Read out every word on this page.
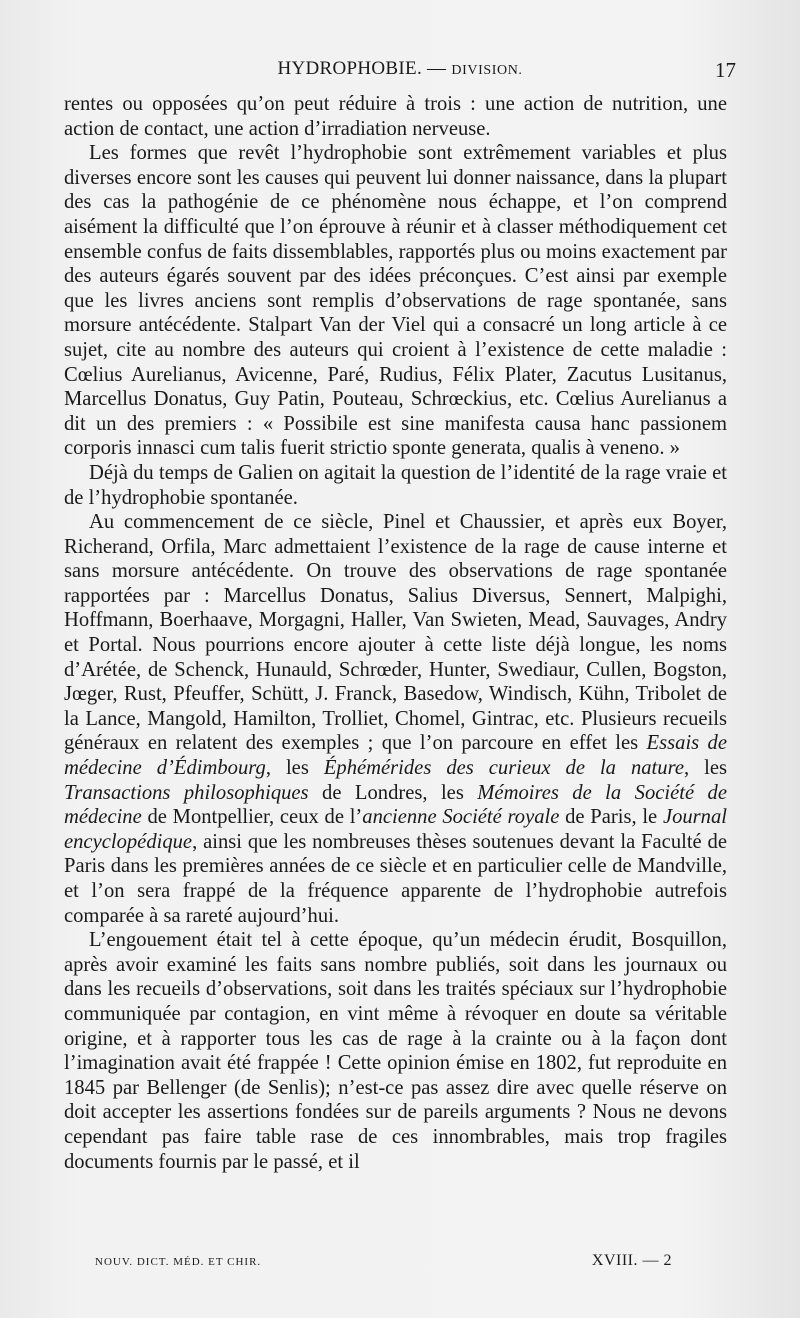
HYDROPHOBIE. — DIVISION.	17

rentes ou opposées qu’on peut réduire à trois : une action de nutrition, une action de contact, une action d’irradiation nerveuse.

Les formes que revêt l’hydrophobie sont extrêmement variables et plus diverses encore sont les causes qui peuvent lui donner naissance, dans la plupart des cas la pathogénie de ce phénomène nous échappe, et l’on comprend aisément la difficulté que l’on éprouve à réunir et à classer méthodiquement cet ensemble confus de faits dissemblables, rapportés plus ou moins exactement par des auteurs égarés souvent par des idées préconçues. C’est ainsi par exemple que les livres anciens sont remplis d’observations de rage spontanée, sans morsure antécédente. Stalpart Van der Viel qui a consacré un long article à ce sujet, cite au nombre des auteurs qui croient à l’existence de cette maladie : Cœlius Aurelianus, Avicenne, Paré, Rudius, Félix Plater, Zacutus Lusitanus, Marcellus Donatus, Guy Patin, Pouteau, Schrœckius, etc. Cœlius Aurelianus a dit un des premiers : « Possibile est sine manifesta causa hanc passionem corporis innasci cum talis fuerit strictio sponte generata, qualis à veneno. »

Déjà du temps de Galien on agitait la question de l’identité de la rage vraie et de l’hydrophobie spontanée.

Au commencement de ce siècle, Pinel et Chaussier, et après eux Boyer, Richerand, Orfila, Marc admettaient l’existence de la rage de cause interne et sans morsure antécédente. On trouve des observations de rage spontanée rapportées par : Marcellus Donatus, Salius Diversus, Sennert, Malpighi, Hoffmann, Boerhaave, Morgagni, Haller, Van Swieten, Mead, Sauvages, Andry et Portal. Nous pourrions encore ajouter à cette liste déjà longue, les noms d’Arétée, de Schenck, Hunauld, Schrœder, Hunter, Swediaur, Cullen, Bogston, Jœger, Rust, Pfeuffer, Schütt, J. Franck, Basedow, Windisch, Kühn, Tribolet de la Lance, Mangold, Hamilton, Trolliet, Chomel, Gintrac, etc. Plusieurs recueils généraux en relatent des exemples ; que l’on parcoure en effet les Essais de médecine d’Édimbourg, les Éphémérides des curieux de la nature, les Transactions philosophiques de Londres, les Mémoires de la Société de médecine de Montpellier, ceux de l’ancienne Société royale de Paris, le Journal encyclopédique, ainsi que les nombreuses thèses soutenues devant la Faculté de Paris dans les premières années de ce siècle et en particulier celle de Mandville, et l’on sera frappé de la fréquence apparente de l’hydrophobie autrefois comparée à sa rareté aujourd’hui.

L’engouement était tel à cette époque, qu’un médecin érudit, Bosquillon, après avoir examiné les faits sans nombre publiés, soit dans les journaux ou dans les recueils d’observations, soit dans les traités spéciaux sur l’hydrophobie communiquée par contagion, en vint même à révoquer en doute sa véritable origine, et à rapporter tous les cas de rage à la crainte ou à la façon dont l’imagination avait été frappée ! Cette opinion émise en 1802, fut reproduite en 1845 par Bellenger (de Senlis); n’est-ce pas assez dire avec quelle réserve on doit accepter les assertions fondées sur de pareils arguments ? Nous ne devons cependant pas faire table rase de ces innombrables, mais trop fragiles documents fournis par le passé, et il

NOUV. DICT. MÉD. ET CHIR.	XVIII. — 2
